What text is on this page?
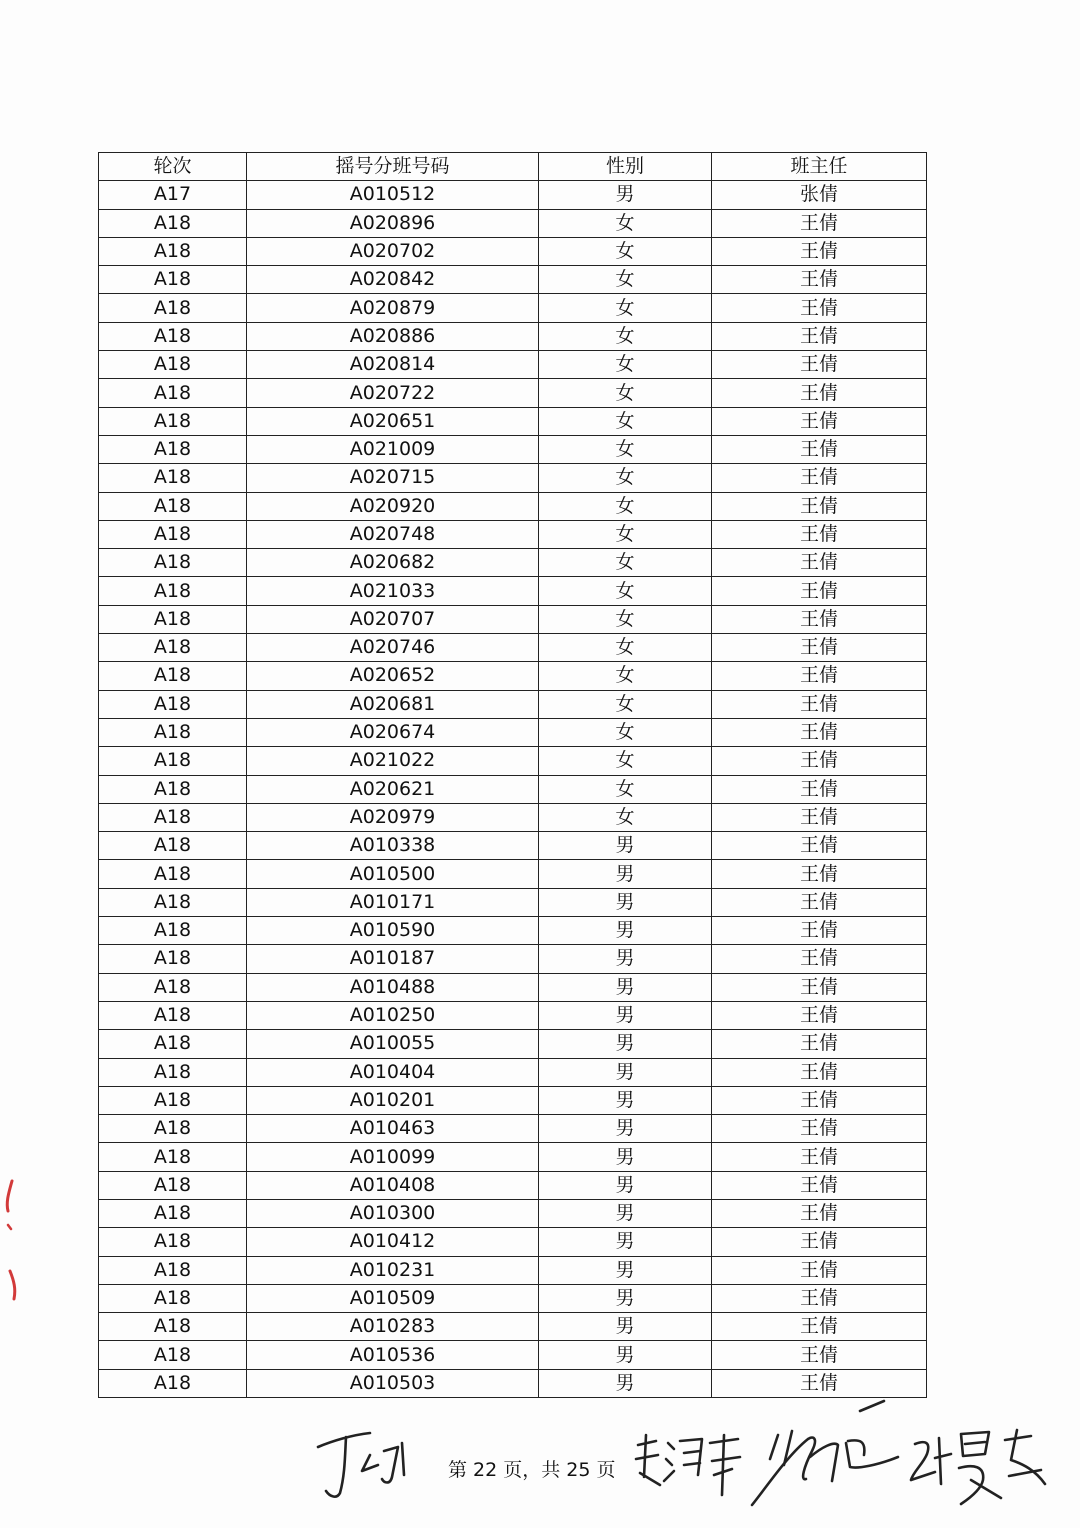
轮次	摇号分班号码	性别	班主任
A17	A010512	男	张倩
A18	A020896	女	王倩
A18	A020702	女	王倩
A18	A020842	女	王倩
A18	A020879	女	王倩
A18	A020886	女	王倩
A18	A020814	女	王倩
A18	A020722	女	王倩
A18	A020651	女	王倩
A18	A021009	女	王倩
A18	A020715	女	王倩
A18	A020920	女	王倩
A18	A020748	女	王倩
A18	A020682	女	王倩
A18	A021033	女	王倩
A18	A020707	女	王倩
A18	A020746	女	王倩
A18	A020652	女	王倩
A18	A020681	女	王倩
A18	A020674	女	王倩
A18	A021022	女	王倩
A18	A020621	女	王倩
A18	A020979	女	王倩
A18	A010338	男	王倩
A18	A010500	男	王倩
A18	A010171	男	王倩
A18	A010590	男	王倩
A18	A010187	男	王倩
A18	A010488	男	王倩
A18	A010250	男	王倩
A18	A010055	男	王倩
A18	A010404	男	王倩
A18	A010201	男	王倩
A18	A010463	男	王倩
A18	A010099	男	王倩
A18	A010408	男	王倩
A18	A010300	男	王倩
A18	A010412	男	王倩
A18	A010231	男	王倩
A18	A010509	男	王倩
A18	A010283	男	王倩
A18	A010536	男	王倩
A18	A010503	男	王倩
第 22 页，共 25 页
